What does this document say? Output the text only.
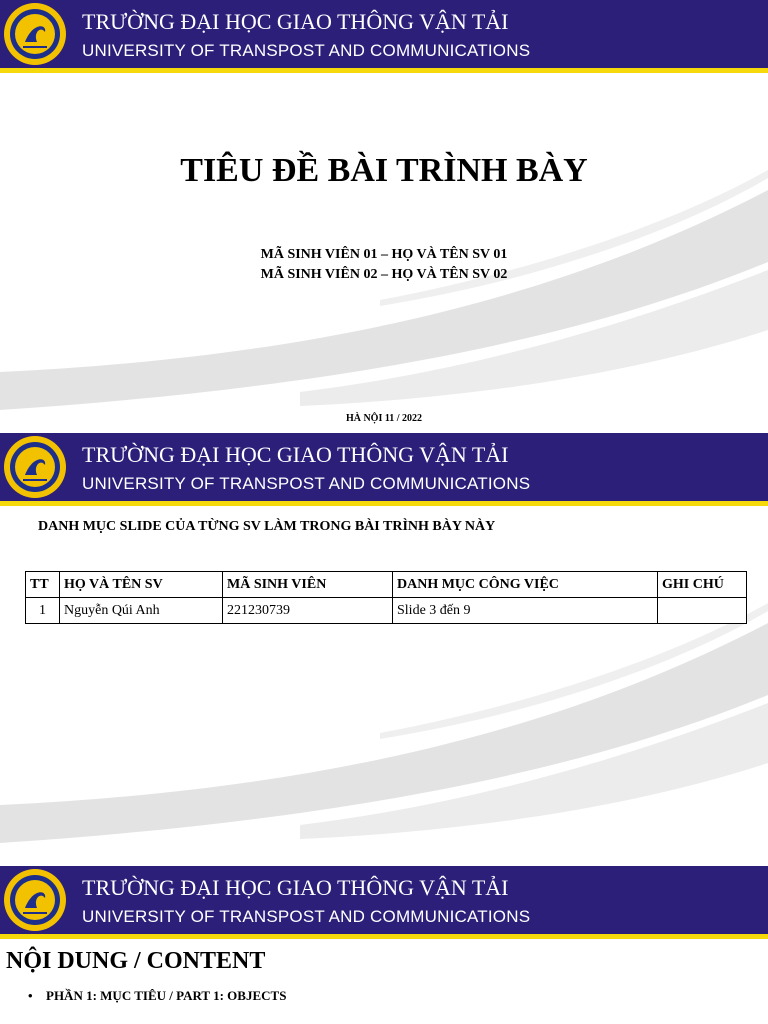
TRƯỜNG ĐẠI HỌC GIAO THÔNG VẬN TẢI
UNIVERSITY OF TRANSPOST AND COMMUNICATIONS
TIÊU ĐỀ BÀI TRÌNH BÀY
MÃ SINH VIÊN 01 – HỌ VÀ TÊN SV 01
MÃ SINH VIÊN 02 – HỌ VÀ TÊN SV 02
HÀ NỘI 11 / 2022
TRƯỜNG ĐẠI HỌC GIAO THÔNG VẬN TẢI
UNIVERSITY OF TRANSPOST AND COMMUNICATIONS
DANH MỤC SLIDE CỦA TỪNG SV LÀM TRONG BÀI TRÌNH BÀY NÀY
TT	HỌ VÀ TÊN SV	MÃ SINH VIÊN	DANH MỤC CÔNG VIỆC	GHI CHÚ
1	Nguyễn Qúi Anh	221230739	Slide 3 đến 9	
TRƯỜNG ĐẠI HỌC GIAO THÔNG VẬN TẢI
UNIVERSITY OF TRANSPOST AND COMMUNICATIONS
NỘI DUNG / CONTENT
• PHẦN 1: MỤC TIÊU / PART 1: OBJECTS
